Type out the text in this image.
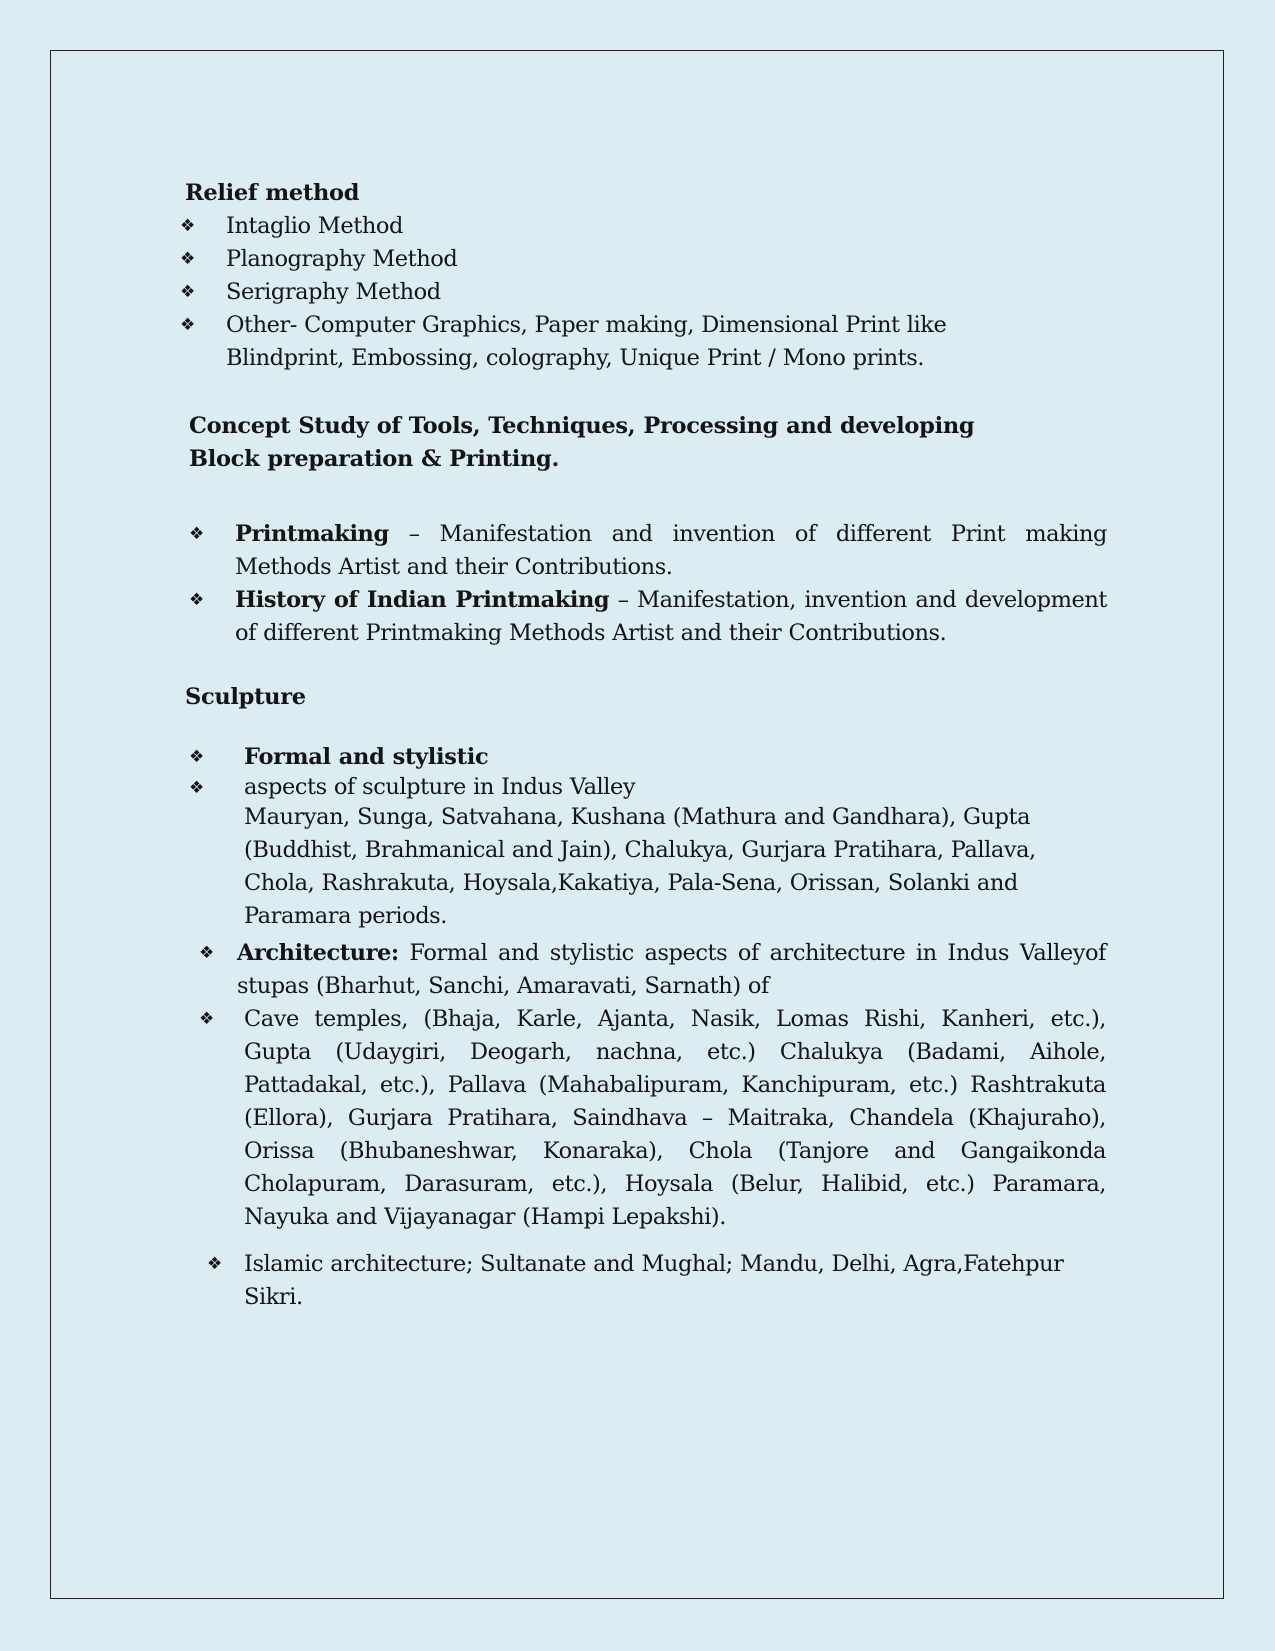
Relief method
❖ Intaglio Method
❖ Planography Method
❖ Serigraphy Method
❖ Other- Computer Graphics, Paper making, Dimensional Print like Blindprint, Embossing, colography, Unique Print / Mono prints.
Concept Study of Tools, Techniques, Processing and developing Block preparation & Printing.
❖ Printmaking – Manifestation and invention of different Print making Methods Artist and their Contributions.
❖ History of Indian Printmaking – Manifestation, invention and development of different Printmaking Methods Artist and their Contributions.
Sculpture
❖ Formal and stylistic
❖ aspects of sculpture in Indus Valley
Mauryan, Sunga, Satvahana, Kushana (Mathura and Gandhara), Gupta (Buddhist, Brahmanical and Jain), Chalukya, Gurjara Pratihara, Pallava, Chola, Rashrakuta, Hoysala,Kakatiya, Pala-Sena, Orissan, Solanki and Paramara periods.
❖ Architecture: Formal and stylistic aspects of architecture in Indus Valleyof stupas (Bharhut, Sanchi, Amaravati, Sarnath) of
❖ Cave temples, (Bhaja, Karle, Ajanta, Nasik, Lomas Rishi, Kanheri, etc.), Gupta (Udaygiri, Deogarh, nachna, etc.) Chalukya (Badami, Aihole, Pattadakal, etc.), Pallava (Mahabalipuram, Kanchipuram, etc.) Rashtrakuta (Ellora), Gurjara Pratihara, Saindhava – Maitraka, Chandela (Khajuraho), Orissa (Bhubaneshwar, Konaraka), Chola (Tanjore and Gangaikonda Cholapuram, Darasuram, etc.), Hoysala (Belur, Halibid, etc.) Paramara, Nayuka and Vijayanagar (Hampi Lepakshi).
❖ Islamic architecture; Sultanate and Mughal; Mandu, Delhi, Agra,Fatehpur Sikri.
